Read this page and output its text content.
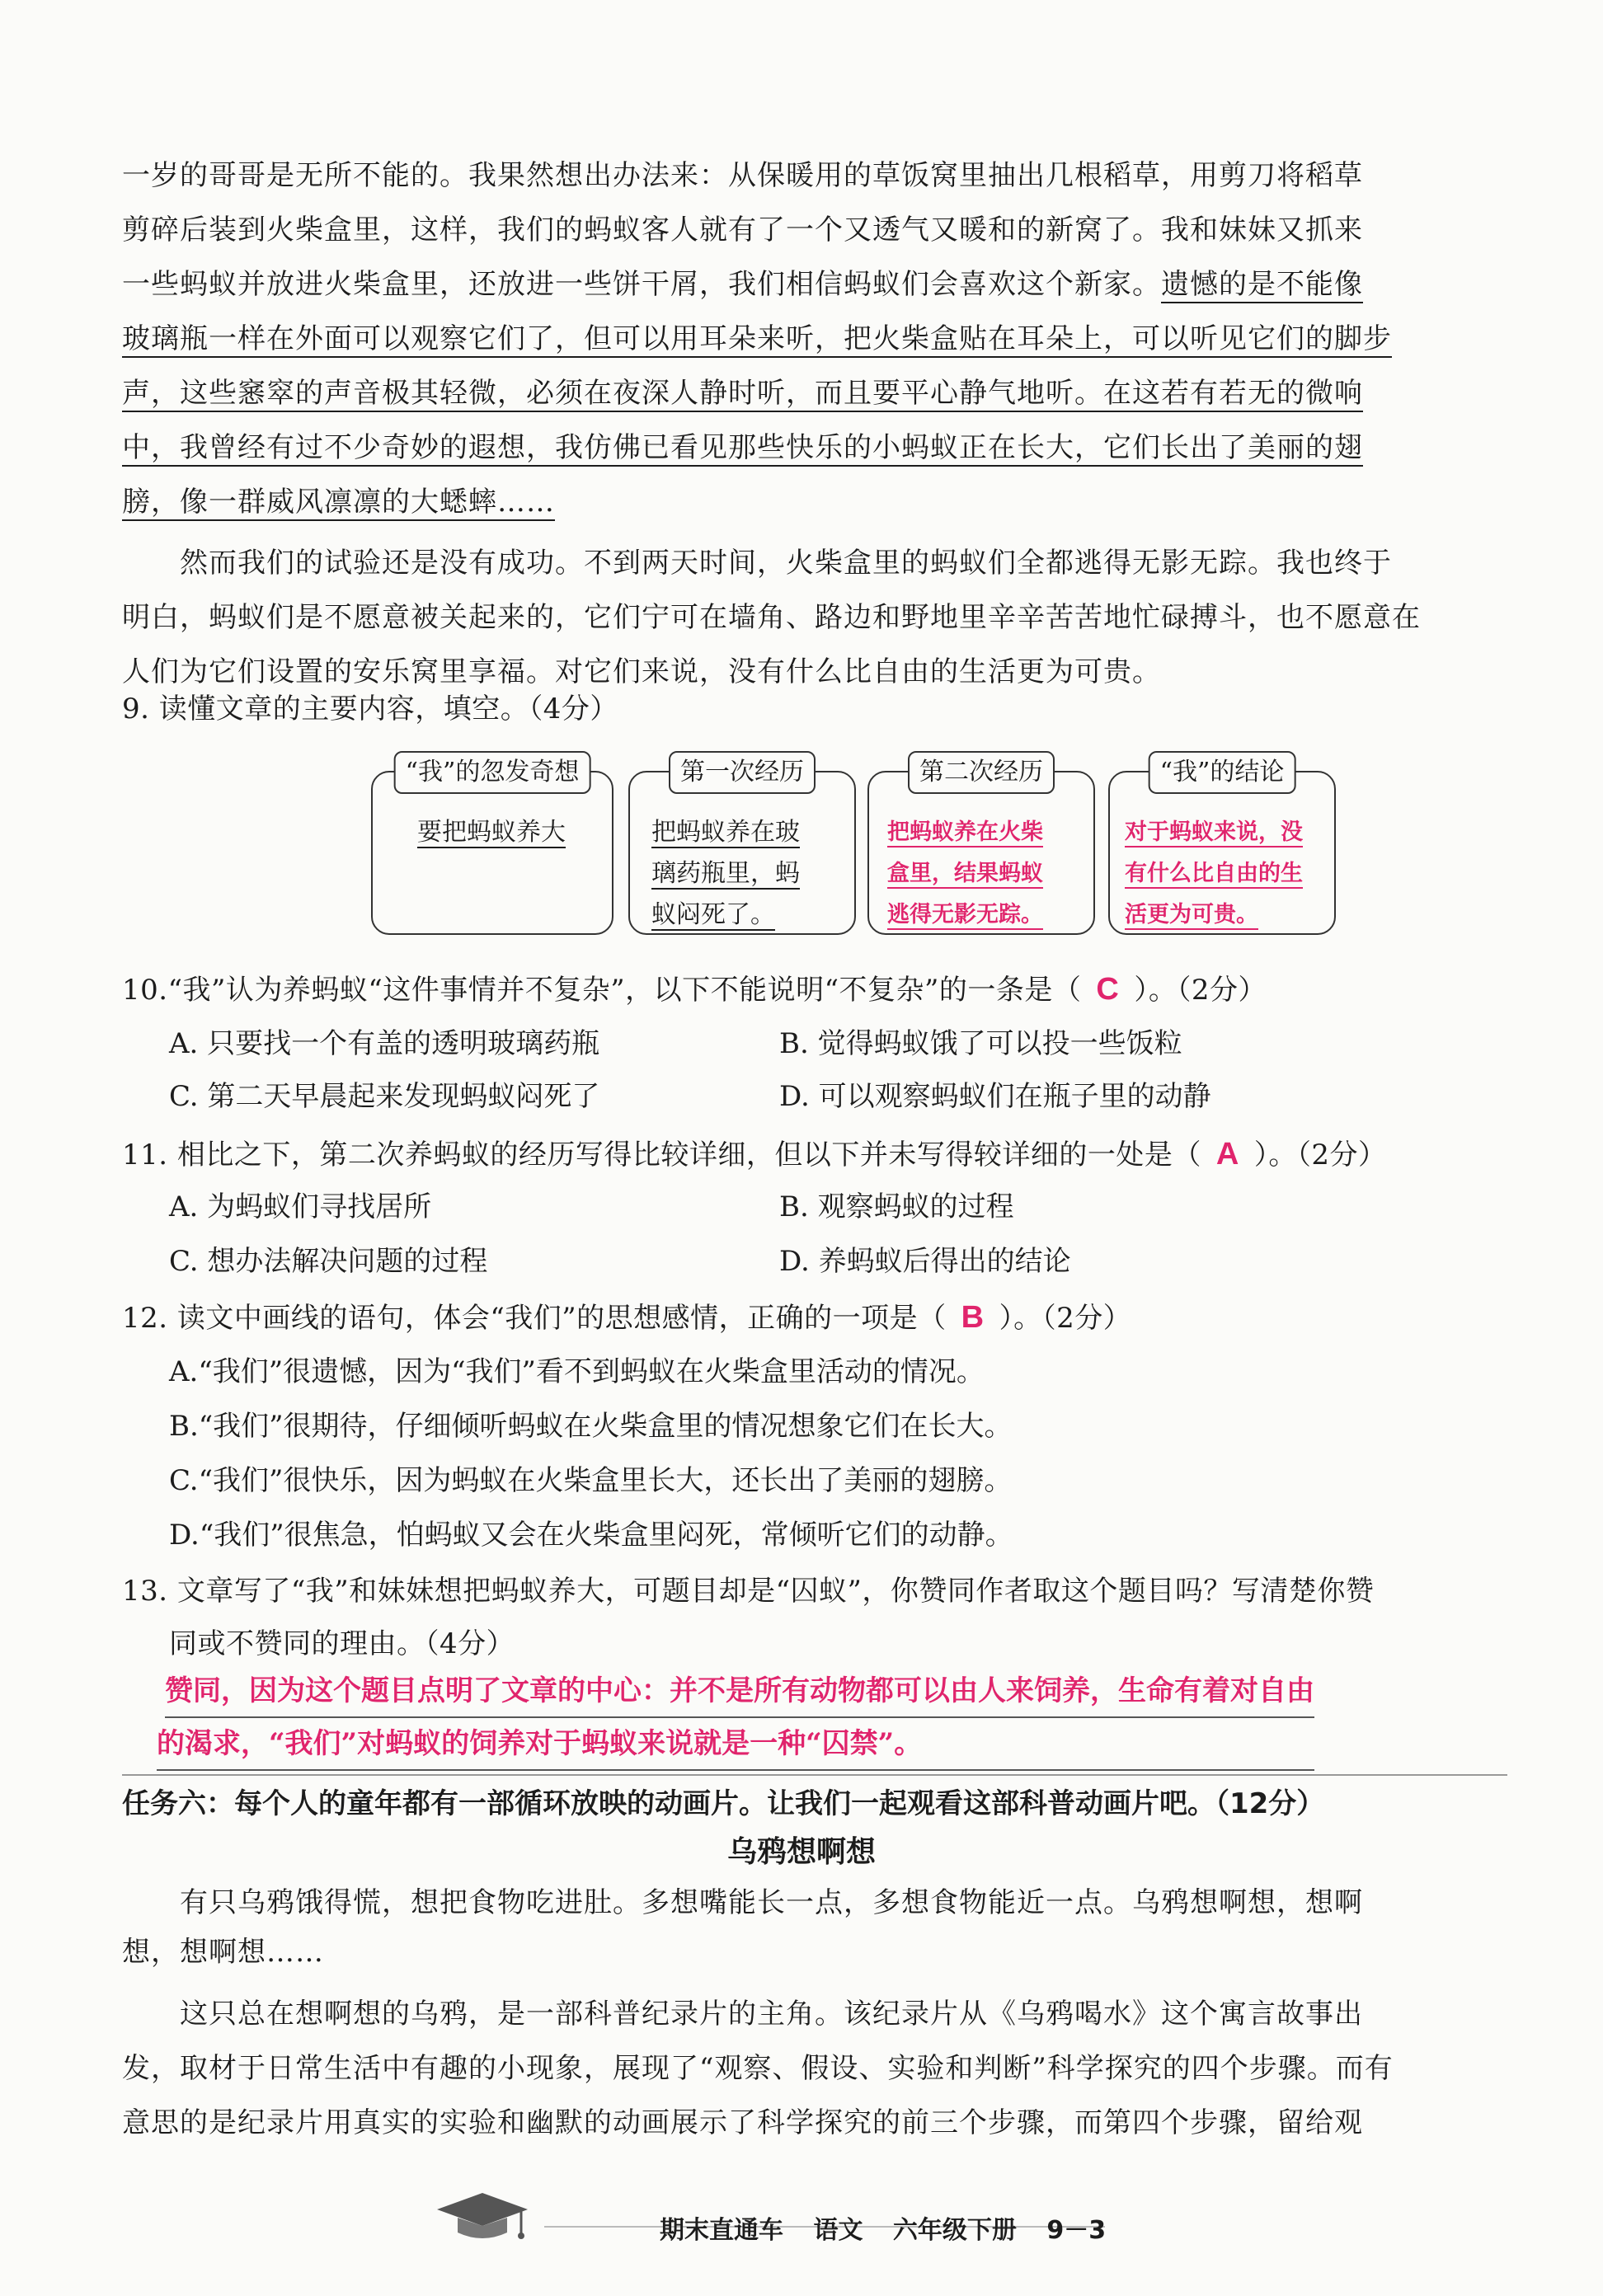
一岁的哥哥是无所不能的。我果然想出办法来：从保暖用的草饭窝里抽出几根稻草，用剪刀将稻草
剪碎后装到火柴盒里，这样，我们的蚂蚁客人就有了一个又透气又暖和的新窝了。我和妹妹又抓来
一些蚂蚁并放进火柴盒里，还放进一些饼干屑，我们相信蚂蚁们会喜欢这个新家。遗憾的是不能像
玻璃瓶一样在外面可以观察它们了，但可以用耳朵来听，把火柴盒贴在耳朵上，可以听见它们的脚步
声，这些窸窣的声音极其轻微，必须在夜深人静时听，而且要平心静气地听。在这若有若无的微响
中，我曾经有过不少奇妙的遐想，我仿佛已看见那些快乐的小蚂蚁正在长大，它们长出了美丽的翅
膀，像一群威风凛凛的大蟋蟀……
　　然而我们的试验还是没有成功。不到两天时间，火柴盒里的蚂蚁们全都逃得无影无踪。我也终于
明白，蚂蚁们是不愿意被关起来的，它们宁可在墙角、路边和野地里辛辛苦苦地忙碌搏斗，也不愿意在
人们为它们设置的安乐窝里享福。对它们来说，没有什么比自由的生活更为可贵。
9. 读懂文章的主要内容，填空。（4分）
“我”的忽发奇想
要把蚂蚁养大
第一次经历
把蚂蚁养在玻
璃药瓶里，蚂
蚁闷死了。
第二次经历
把蚂蚁养在火柴
盒里，结果蚂蚁
逃得无影无踪。
“我”的结论
对于蚂蚁来说，没
有什么比自由的生
活更为可贵。
10.“我”认为养蚂蚁“这件事情并不复杂”，以下不能说明“不复杂”的一条是（ C ）。（2分）
A. 只要找一个有盖的透明玻璃药瓶	B. 觉得蚂蚁饿了可以投一些饭粒
C. 第二天早晨起来发现蚂蚁闷死了	D. 可以观察蚂蚁们在瓶子里的动静
11. 相比之下，第二次养蚂蚁的经历写得比较详细，但以下并未写得较详细的一处是（ A ）。（2分）
A. 为蚂蚁们寻找居所	B. 观察蚂蚁的过程
C. 想办法解决问题的过程	D. 养蚂蚁后得出的结论
12. 读文中画线的语句，体会“我们”的思想感情，正确的一项是（ B ）。（2分）
A.“我们”很遗憾，因为“我们”看不到蚂蚁在火柴盒里活动的情况。
B.“我们”很期待，仔细倾听蚂蚁在火柴盒里的情况想象它们在长大。
C.“我们”很快乐，因为蚂蚁在火柴盒里长大，还长出了美丽的翅膀。
D.“我们”很焦急，怕蚂蚁又会在火柴盒里闷死，常倾听它们的动静。
13. 文章写了“我”和妹妹想把蚂蚁养大，可题目却是“囚蚁”，你赞同作者取这个题目吗？写清楚你赞
同或不赞同的理由。（4分）
赞同，因为这个题目点明了文章的中心：并不是所有动物都可以由人来饲养，生命有着对自由
的渴求，“我们”对蚂蚁的饲养对于蚂蚁来说就是一种“囚禁”。
任务六：每个人的童年都有一部循环放映的动画片。让我们一起观看这部科普动画片吧。（12分）
乌鸦想啊想
　　有只乌鸦饿得慌，想把食物吃进肚。多想嘴能长一点，多想食物能近一点。乌鸦想啊想，想啊
想，想啊想……
　　这只总在想啊想的乌鸦，是一部科普纪录片的主角。该纪录片从《乌鸦喝水》这个寓言故事出
发，取材于日常生活中有趣的小现象，展现了“观察、假设、实验和判断”科学探究的四个步骤。而有
意思的是纪录片用真实的实验和幽默的动画展示了科学探究的前三个步骤，而第四个步骤，留给观
期末直通车 语文 六年级下册 9－3
